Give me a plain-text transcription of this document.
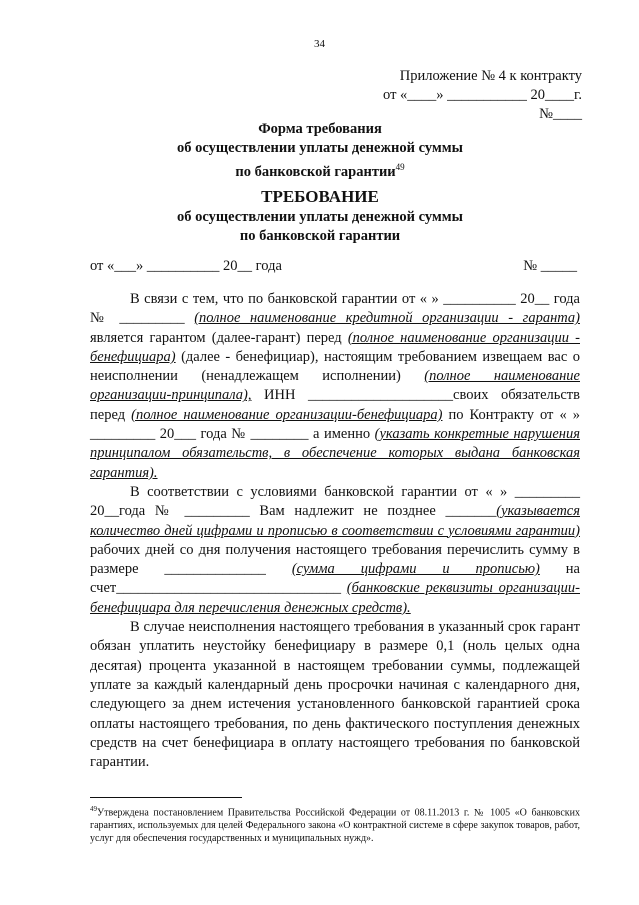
34
Приложение № 4 к контракту
от «____» ___________ 20____г. №____
Форма требования
об осуществлении уплаты денежной суммы
по банковской гарантии$^{49}$
ТРЕБОВАНИЕ
об осуществлении уплаты денежной суммы
по банковской гарантии
от «___» __________ 20__ года	№ _____

В связи с тем, что по банковской гарантии от « » __________ 20__ года № _________ (полное наименование кредитной организации - гаранта) является гарантом (далее-гарант) перед (полное наименование организации - бенефициара) (далее - бенефициар), настоящим требованием извещаем вас о неисполнении (ненадлежащем исполнении) (полное наименование организации-принципала), ИНН ____________________своих обязательств перед (полное наименование организации-бенефициара) по Контракту от « » _________ 20___ года № ________ а именно (указать конкретные нарушения принципалом обязательств, в обеспечение которых выдана банковская гарантия).

В соответствии с условиями банковской гарантии от « » _________ 20__года № _________ Вам надлежит не позднее _______(указывается количество дней цифрами и прописью в соответствии с условиями гарантии) рабочих дней со дня получения настоящего требования перечислить сумму в размере ______________ (сумма цифрами и прописью) на счет_______________________________ (банковские реквизиты организации-бенефициара для перечисления денежных средств).

В случае неисполнения настоящего требования в указанный срок гарант обязан уплатить неустойку бенефициару в размере 0,1 (ноль целых одна десятая) процента указанной в настоящем требовании суммы, подлежащей уплате за каждый календарный день просрочки начиная с календарного дня, следующего за днем истечения установленного банковской гарантией срока оплаты настоящего требования, по день фактического поступления денежных средств на счет бенефициара в оплату настоящего требования по банковской гарантии.

$^{49}$Утверждена постановлением Правительства Российской Федерации от 08.11.2013 г. № 1005 «О банковских гарантиях, используемых для целей Федерального закона «О контрактной системе в сфере закупок товаров, работ, услуг для обеспечения государственных и муниципальных нужд».
